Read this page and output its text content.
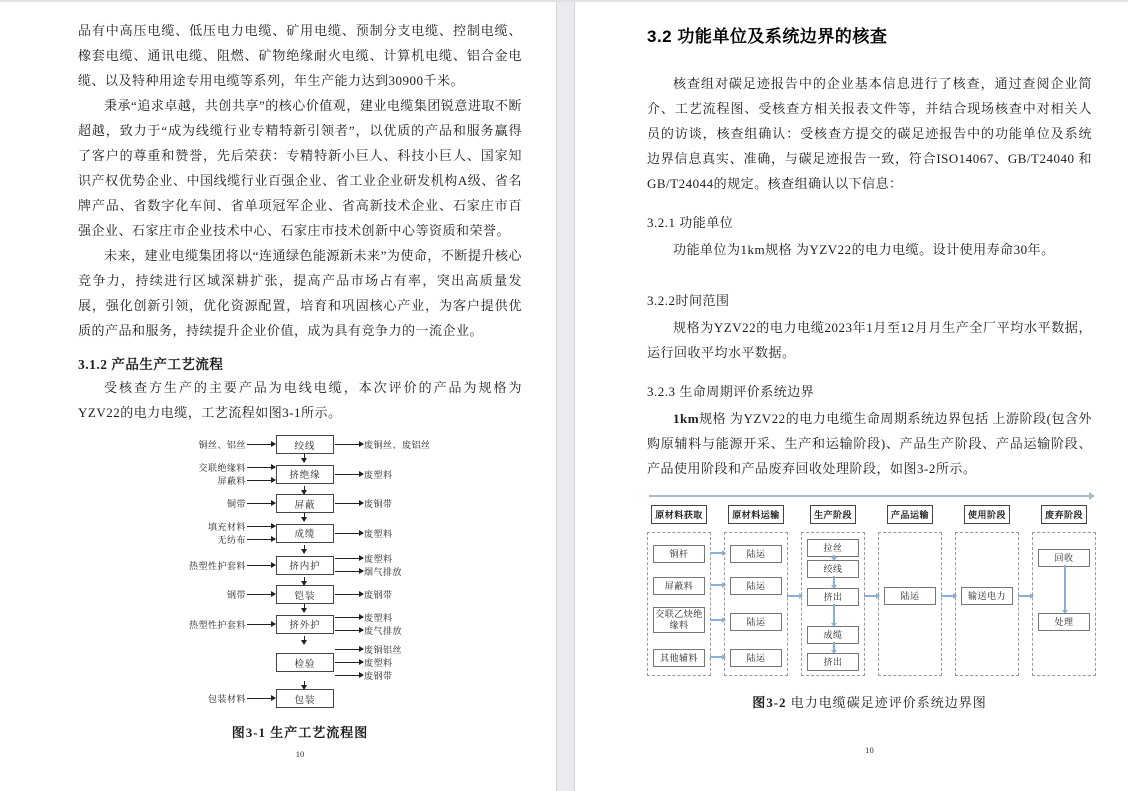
品有中高压电缆、低压电力电缆、矿用电缆、预制分支电缆、控制电缆、橡套电缆、通讯电缆、阻燃、矿物绝缘耐火电缆、计算机电缆、铝合金电缆、以及特种用途专用电缆等系列，年生产能力达到30900千米。

秉承“追求卓越，共创共享”的核心价值观，建业电缆集团锐意进取不断超越，致力于“成为线缆行业专精特新引领者”，以优质的产品和服务赢得了客户的尊重和赞誉，先后荣获：专精特新小巨人、科技小巨人、国家知识产权优势企业、中国线缆行业百强企业、省工业企业研发机构A级、省名牌产品、省数字化车间、省单项冠军企业、省高新技术企业、石家庄市百强企业、石家庄市企业技术中心、石家庄市技术创新中心等资质和荣誉。

未来，建业电缆集团将以“连通绿色能源新未来”为使命，不断提升核心竞争力，持续进行区域深耕扩张，提高产品市场占有率，突出高质量发展，强化创新引领，优化资源配置，培育和巩固核心产业，为客户提供优质的产品和服务，持续提升企业价值，成为具有竞争力的一流企业。

3.1.2 产品生产工艺流程

受核查方生产的主要产品为电线电缆，本次评价的产品为规格为YZV22的电力电缆，工艺流程如图3-1所示。

铜丝、铝丝	绞线	废铜丝、废铝丝
交联绝缘料
屏蔽料	挤绝缘	废塑料
铜带	屏蔽	废铜带
填充材料
无纺布	成缆	废塑料
热塑性护套料	挤内护
废塑料
烟气排放
钢带	铠装	废钢带
热塑性护套料	挤外护
废塑料
废气排放
检验
废铜铝丝
废塑料
废钢带
包装材料	包装
图3-1 生产工艺流程图
10
3.2 功能单位及系统边界的核查

核查组对碳足迹报告中的企业基本信息进行了核查，通过查阅企业简介、工艺流程图、受核查方相关报表文件等，并结合现场核查中对相关人员的访谈，核查组确认：受核查方提交的碳足迹报告中的功能单位及系统边界信息真实、准确，与碳足迹报告一致，符合ISO14067、GB/T24040 和GB/T24044的规定。核查组确认以下信息：

3.2.1 功能单位

功能单位为1km规格 为YZV22的电力电缆。设计使用寿命30年。

3.2.2时间范围

规格为YZV22的电力电缆2023年1月至12月月生产全厂平均水平数据，运行回收平均水平数据。

3.2.3 生命周期评价系统边界

1km规格 为YZV22的电力电缆生命周期系统边界包括 上游阶段(包含外购原辅料与能源开采、生产和运输阶段)、产品生产阶段、产品运输阶段、产品使用阶段和产品废弃回收处理阶段，如图3-2所示。

原材料获取
铜杆
屏蔽料
交联乙炔绝缘料
其他辅料
原材料运输
陆运
陆运
陆运
陆运
生产阶段
拉丝
绞线
挤出
成缆
挤出
产品运输
陆运
使用阶段
输送电力
废弃阶段
回收
处理
图3-2 电力电缆碳足迹评价系统边界图
10
